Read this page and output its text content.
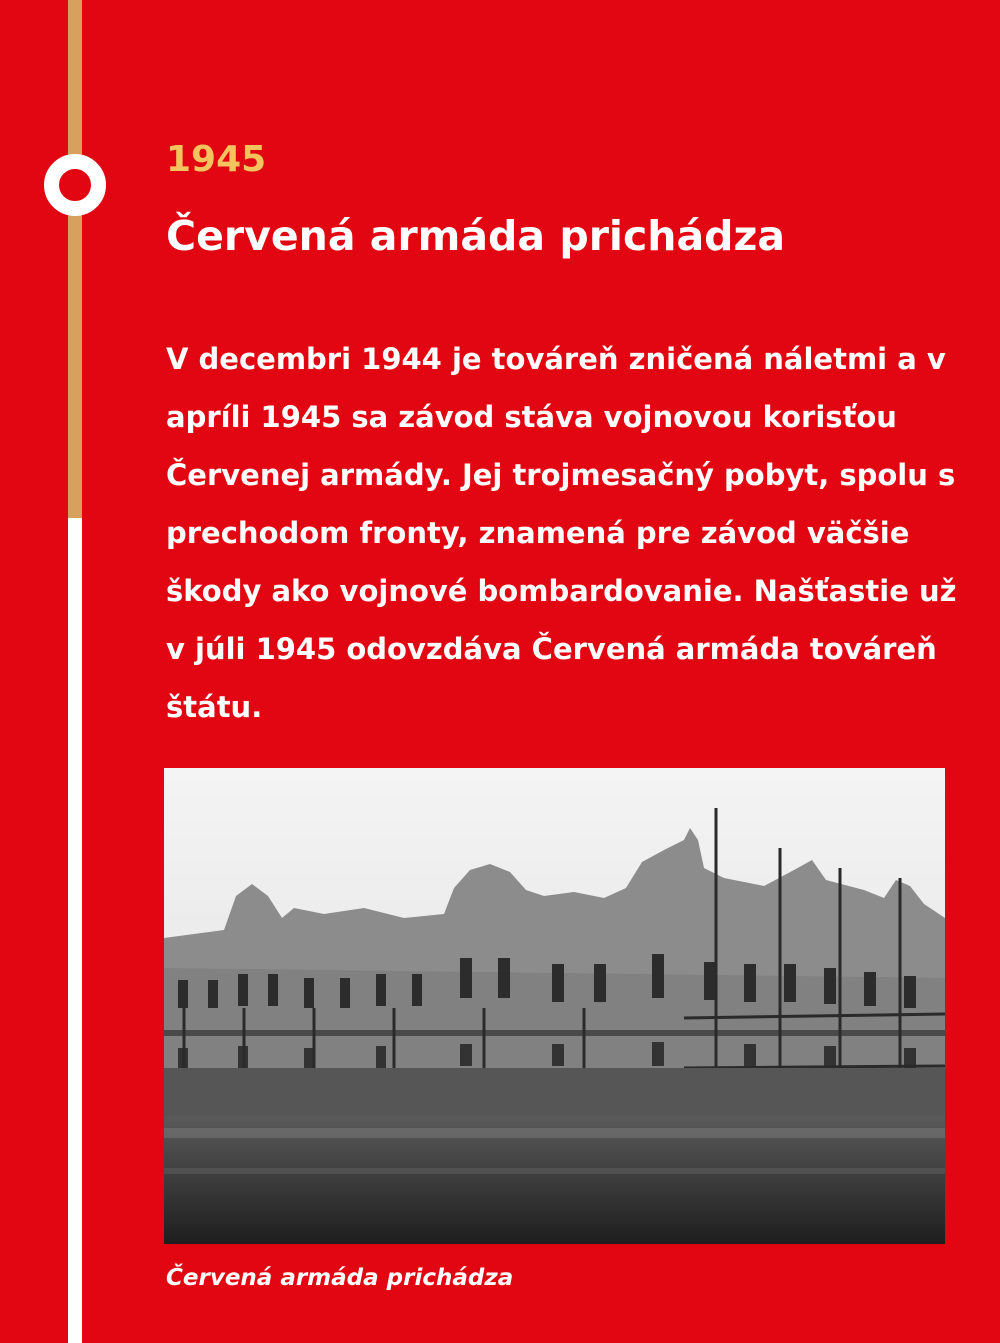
1945
Červená armáda prichádza

V decembri 1944 je továreň zničená náletmi a v apríli 1945 sa závod stáva vojnovou korisťou Červenej armády. Jej trojmesačný pobyt, spolu s prechodom fronty, znamená pre závod väčšie škody ako vojnové bombardovanie. Našťastie už v júli 1945 odovzdáva Červená armáda továreň štátu.

Červená armáda prichádza
